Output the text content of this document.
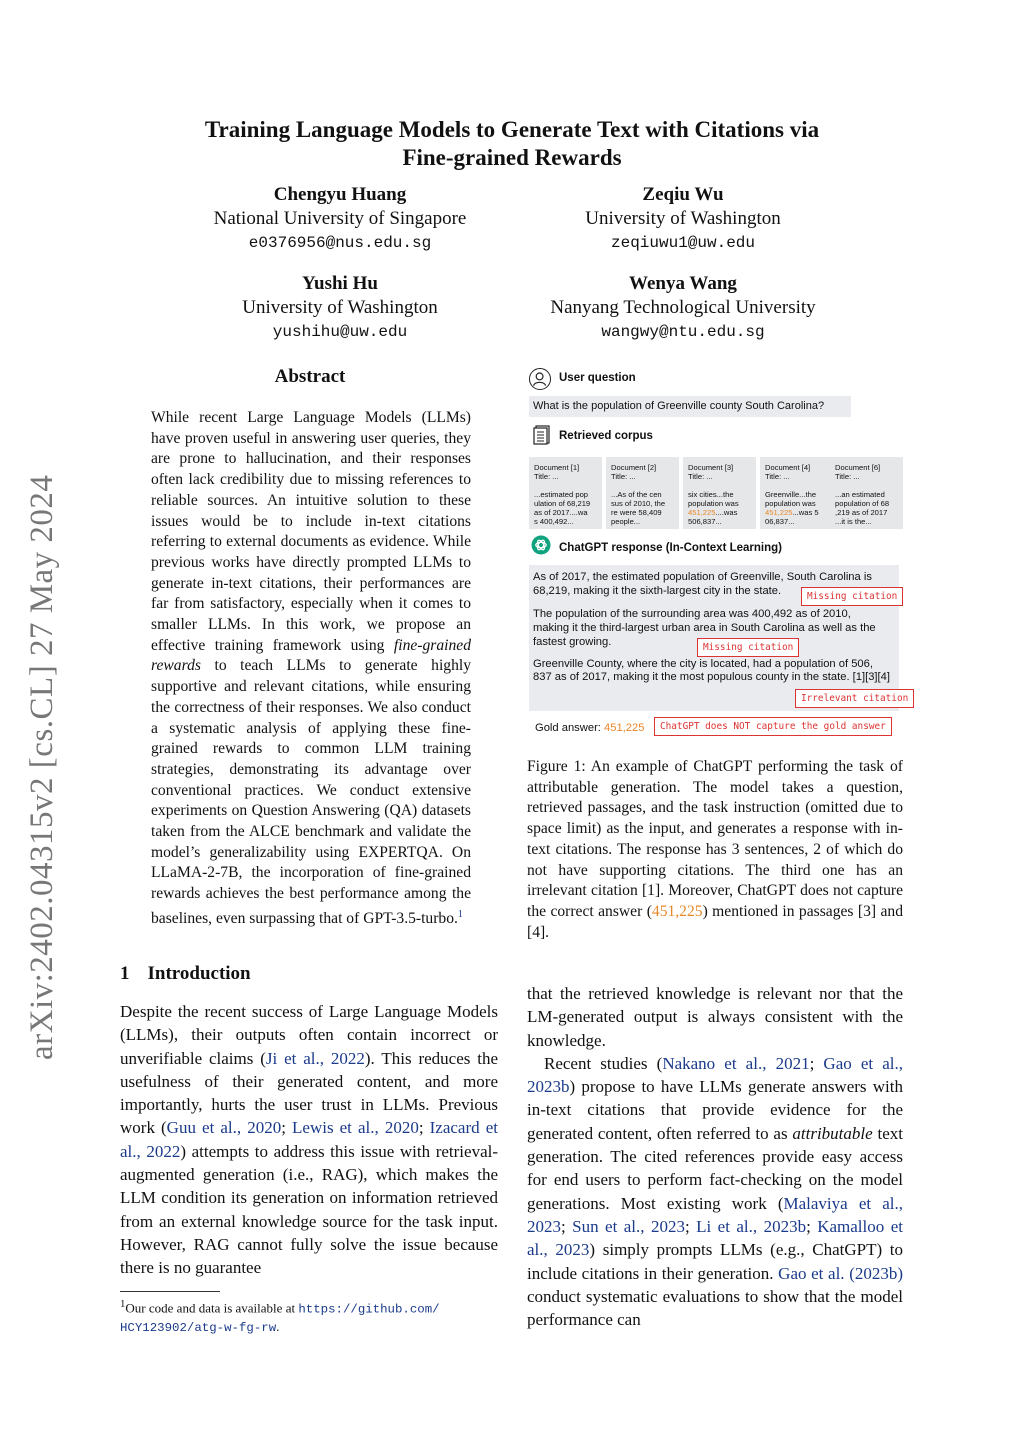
Training Language Models to Generate Text with Citations via
Fine-grained Rewards
Chengyu Huang
National University of Singapore
e0376956@nus.edu.sg
Zeqiu Wu
University of Washington
zeqiuwu1@uw.edu
Yushi Hu
University of Washington
yushihu@uw.edu
Wenya Wang
Nanyang Technological University
wangwy@ntu.edu.sg
arXiv:2402.04315v2 [cs.CL] 27 May 2024
Abstract

While recent Large Language Models (LLMs) have proven useful in answering user queries, they are prone to hallucination, and their responses often lack credibility due to missing references to reliable sources. An intuitive solution to these issues would be to include in-text citations referring to external documents as evidence. While previous works have directly prompted LLMs to generate in-text citations, their performances are far from satisfactory, especially when it comes to smaller LLMs. In this work, we propose an effective training framework using fine-grained rewards to teach LLMs to generate highly supportive and relevant citations, while ensuring the correctness of their responses. We also conduct a systematic analysis of applying these fine-grained rewards to common LLM training strategies, demonstrating its advantage over conventional practices. We conduct extensive experiments on Question Answering (QA) datasets taken from the ALCE benchmark and validate the model’s generalizability using EXPERTQA. On LLaMA-2-7B, the incorporation of fine-grained rewards achieves the best performance among the baselines, even surpassing that of GPT-3.5-turbo.$^1$

1 Introduction

Despite the recent success of Large Language Models (LLMs), their outputs often contain incorrect or unverifiable claims (Ji et al., 2022). This reduces the usefulness of their generated content, and more importantly, hurts the user trust in LLMs. Previous work (Guu et al., 2020; Lewis et al., 2020; Izacard et al., 2022) attempts to address this issue with retrieval-augmented generation (i.e., RAG), which makes the LLM condition its generation on information retrieved from an external knowledge source for the task input. However, RAG cannot fully solve the issue because there is no guarantee

$^1$Our code and data is available at https://github.com/
HCY123902/atg-w-fg-rw.
User question
What is the population of Greenville county South Carolina?
Retrieved corpus
Document [1]
Title: ...
...estimated pop
ulation of 68,219
as of 2017....wa
s 400,492...
Document [2]
Title: ...
...As of the cen
sus of 2010, the
re were 58,409
people...
Document [3]
Title: ...
six cities...the
population was
451,225....was
506,837...
Document [4]
Title: ...
Greenville...the
population was
451,225...was 5
06,837...
Document [6]
Title: ...
...an estimated
population of 68
,219 as of 2017
...it is the...
ChatGPT response (In-Context Learning)

As of 2017, the estimated population of Greenville, South Carolina is 68,219, making it the sixth-largest city in the state.

The population of the surrounding area was 400,492 as of 2010, making it the third-largest urban area in South Carolina as well as the fastest growing.

Greenville County, where the city is located, had a population of 506, 837 as of 2017, making it the most populous county in the state. [1][3][4]

Missing citation
Missing citation
Irrelevant citation
Gold answer: 451,225	ChatGPT does NOT capture the gold answer
Figure 1: An example of ChatGPT performing the task of attributable generation. The model takes a question, retrieved passages, and the task instruction (omitted due to space limit) as the input, and generates a response with in-text citations. The response has 3 sentences, 2 of which do not have supporting citations. The third one has an irrelevant citation [1]. Moreover, ChatGPT does not capture the correct answer (451,225) mentioned in passages [3] and [4].

that the retrieved knowledge is relevant nor that the LM-generated output is always consistent with the knowledge.

Recent studies (Nakano et al., 2021; Gao et al., 2023b) propose to have LLMs generate answers with in-text citations that provide evidence for the generated content, often referred to as attributable text generation. The cited references provide easy access for end users to perform fact-checking on the model generations. Most existing work (Malaviya et al., 2023; Sun et al., 2023; Li et al., 2023b; Kamalloo et al., 2023) simply prompts LLMs (e.g., ChatGPT) to include citations in their generation. Gao et al. (2023b) conduct systematic evaluations to show that the model performance can
